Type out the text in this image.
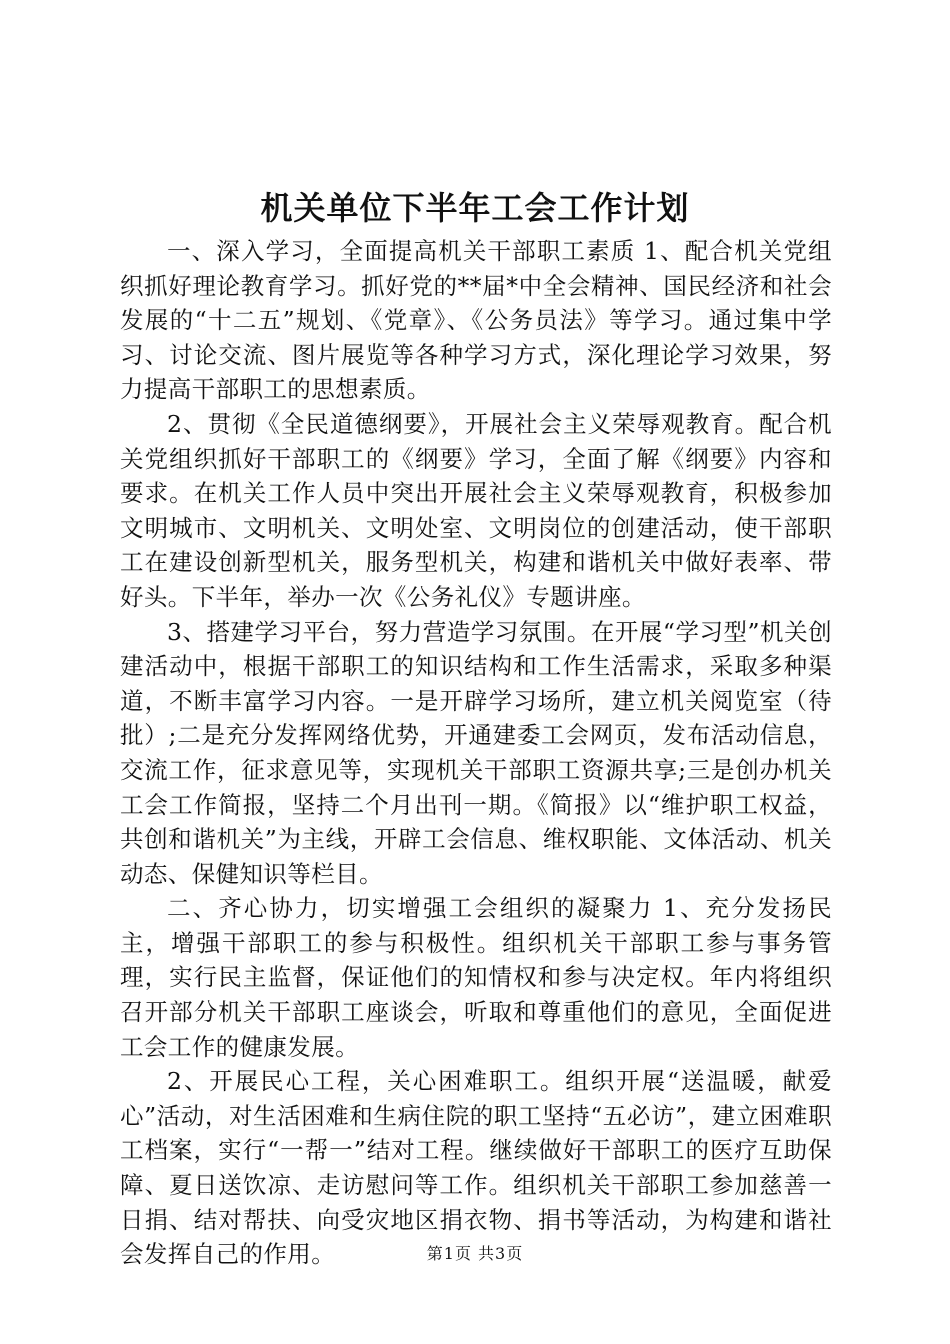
机关单位下半年工会工作计划

一、深入学习，全面提高机关干部职工素质 1、配合机关党组织抓好理论教育学习。抓好党的**届*中全会精神、国民经济和社会发展的“十二五”规划、《党章》、《公务员法》等学习。通过集中学习、讨论交流、图片展览等各种学习方式，深化理论学习效果，努力提高干部职工的思想素质。

2、贯彻《全民道德纲要》，开展社会主义荣辱观教育。配合机关党组织抓好干部职工的《纲要》学习，全面了解《纲要》内容和要求。在机关工作人员中突出开展社会主义荣辱观教育，积极参加文明城市、文明机关、文明处室、文明岗位的创建活动，使干部职工在建设创新型机关，服务型机关，构建和谐机关中做好表率、带好头。下半年，举办一次《公务礼仪》专题讲座。

3、搭建学习平台，努力营造学习氛围。在开展“学习型”机关创建活动中，根据干部职工的知识结构和工作生活需求，采取多种渠道，不断丰富学习内容。一是开辟学习场所，建立机关阅览室（待批）;二是充分发挥网络优势，开通建委工会网页，发布活动信息，交流工作，征求意见等，实现机关干部职工资源共享;三是创办机关工会工作简报，坚持二个月出刊一期。《简报》以“维护职工权益，共创和谐机关”为主线，开辟工会信息、维权职能、文体活动、机关动态、保健知识等栏目。

二、齐心协力，切实增强工会组织的凝聚力 1、充分发扬民主，增强干部职工的参与积极性。组织机关干部职工参与事务管理，实行民主监督，保证他们的知情权和参与决定权。年内将组织召开部分机关干部职工座谈会，听取和尊重他们的意见，全面促进工会工作的健康发展。

2、开展民心工程，关心困难职工。组织开展“送温暖，献爱心”活动，对生活困难和生病住院的职工坚持“五必访”，建立困难职工档案，实行“一帮一”结对工程。继续做好干部职工的医疗互助保障、夏日送饮凉、走访慰问等工作。组织机关干部职工参加慈善一日捐、结对帮扶、向受灾地区捐衣物、捐书等活动，为构建和谐社会发挥自己的作用。	第1页 共3页
